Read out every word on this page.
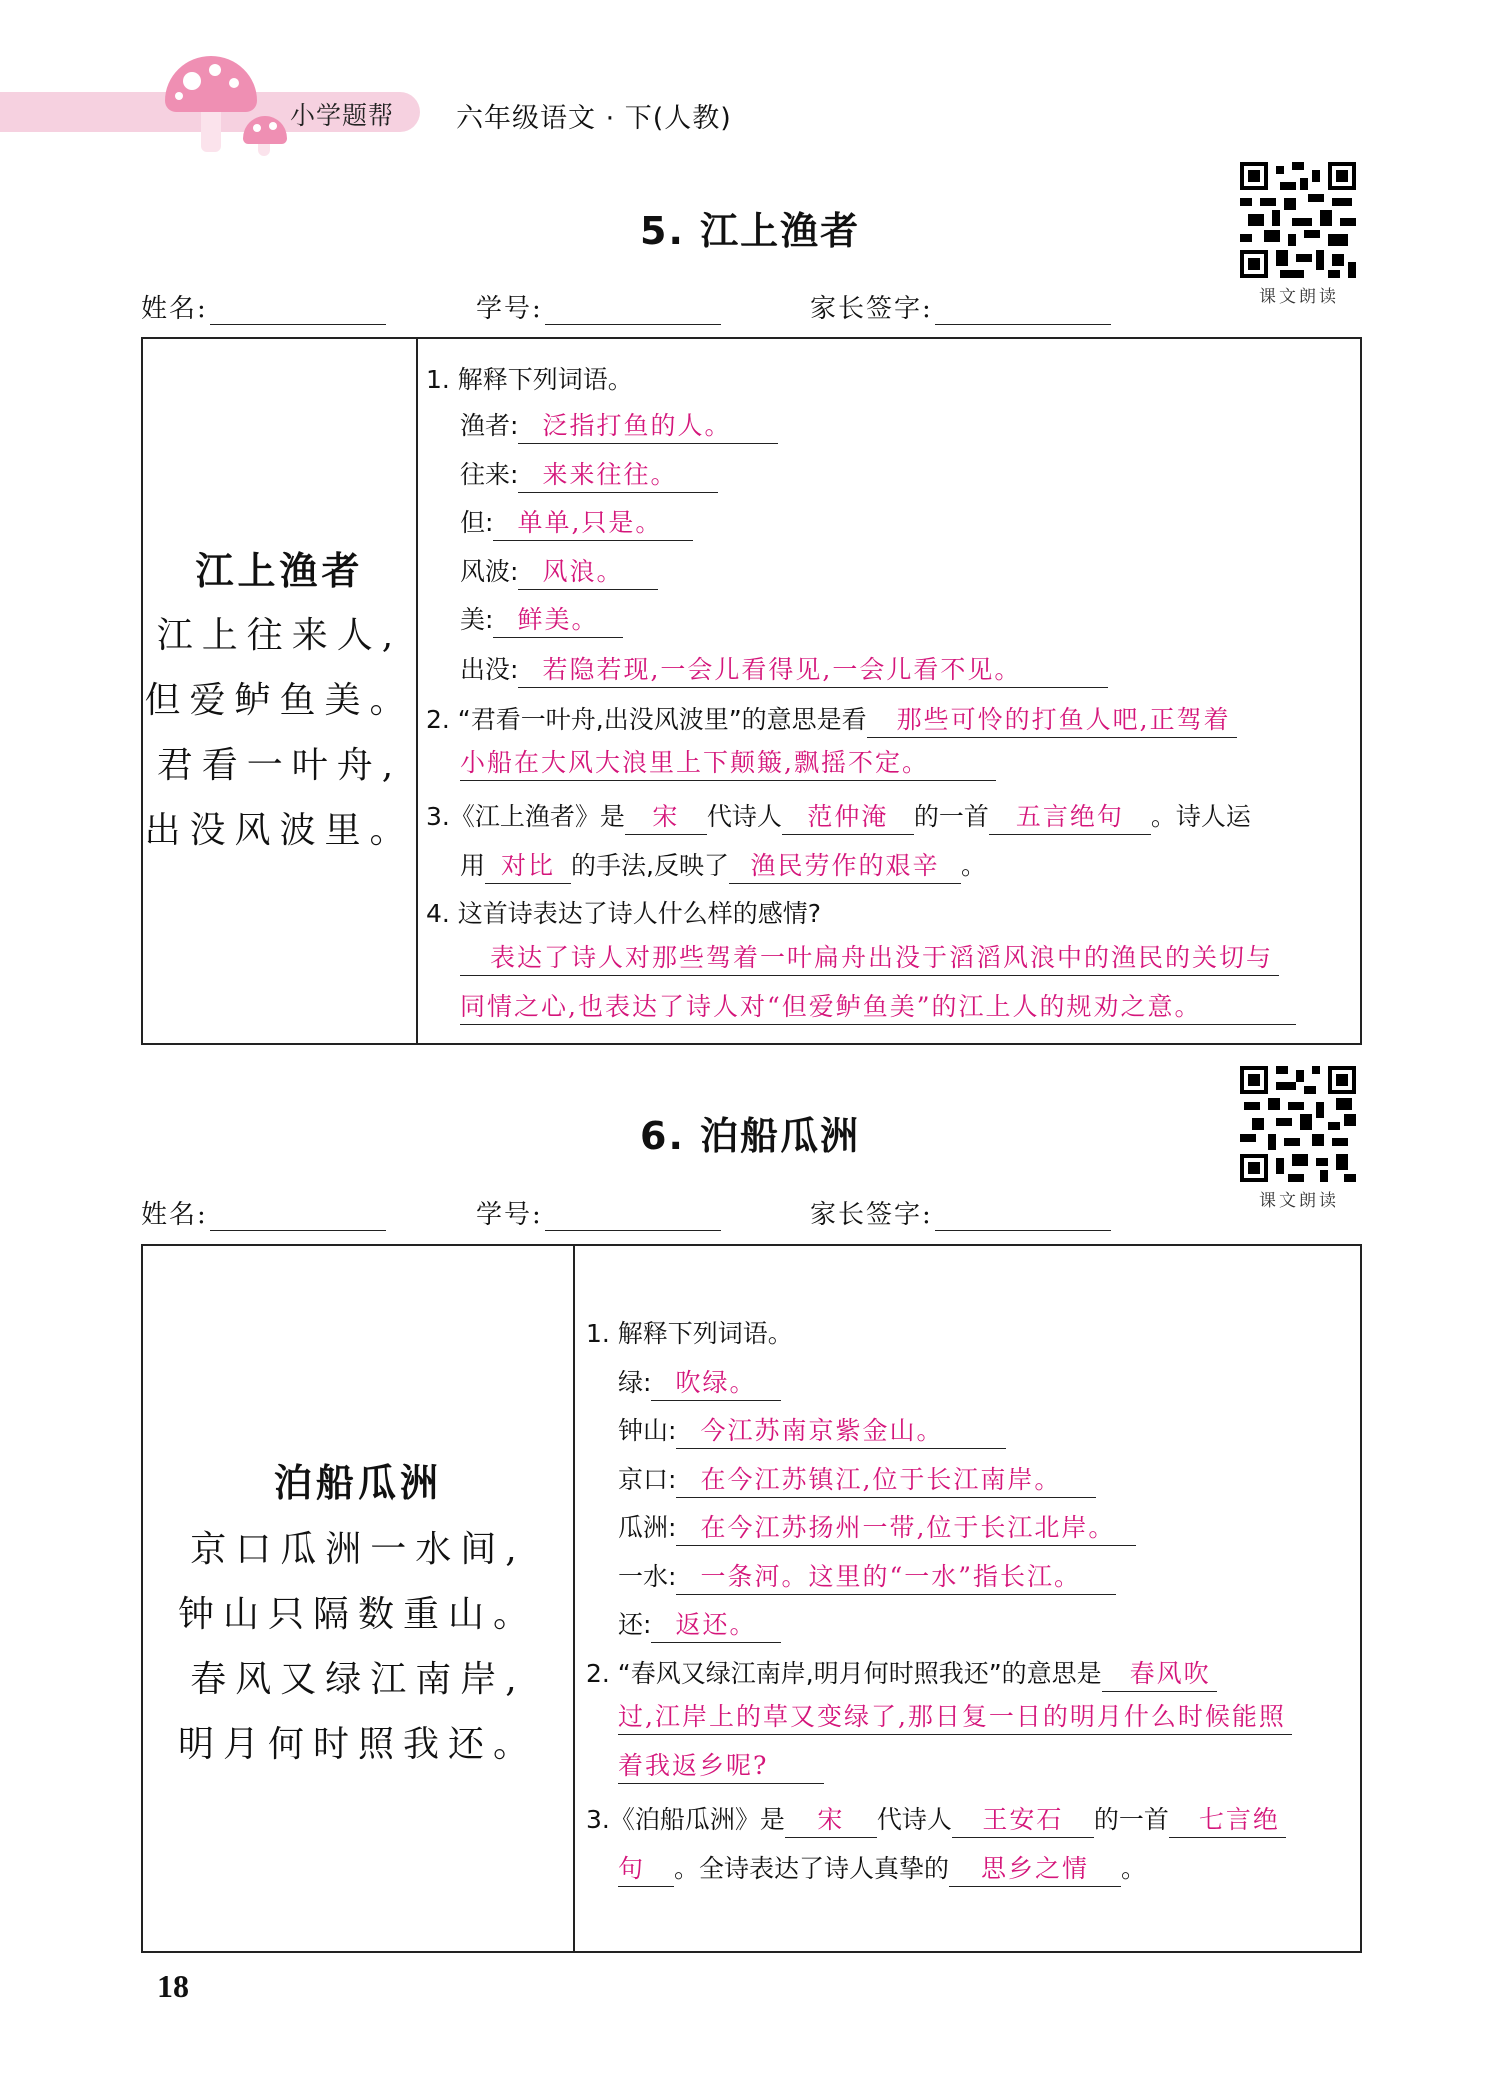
小学题帮 六年级语文 · 下(人教)
5. 江上渔者
课文朗读
姓名:	学号:	家长签字:
江上渔者
江上往来人,
但爱鲈鱼美。
君看一叶舟,
出没风波里。
1. 解释下列词语。
渔者: 泛指打鱼的人。
往来: 来来往往。
但: 单单,只是。
风波: 风浪。
美: 鲜美。
出没: 若隐若现,一会儿看得见,一会儿看不见。
2. “君看一叶舟,出没风波里”的意思是看 那些可怜的打鱼人吧,正驾着
小船在大风大浪里上下颠簸,飘摇不定。
3.《江上渔者》是 宋 代诗人 范仲淹 的一首 五言绝句 。诗人运
用 对比 的手法,反映了 渔民劳作的艰辛 。
4. 这首诗表达了诗人什么样的感情?
表达了诗人对那些驾着一叶扁舟出没于滔滔风浪中的渔民的关切与
同情之心,也表达了诗人对“但爱鲈鱼美”的江上人的规劝之意。
6. 泊船瓜洲
课文朗读
姓名:	学号:	家长签字:
泊船瓜洲
京口瓜洲一水间,
钟山只隔数重山。
春风又绿江南岸,
明月何时照我还。
1. 解释下列词语。
绿: 吹绿。
钟山: 今江苏南京紫金山。
京口: 在今江苏镇江,位于长江南岸。
瓜洲: 在今江苏扬州一带,位于长江北岸。
一水: 一条河。这里的“一水”指长江。
还: 返还。
2. “春风又绿江南岸,明月何时照我还”的意思是 春风吹
过,江岸上的草又变绿了,那日复一日的明月什么时候能照
着我返乡呢?
3.《泊船瓜洲》是 宋 代诗人 王安石 的一首 七言绝
句 。全诗表达了诗人真挚的 思乡之情 。
18
